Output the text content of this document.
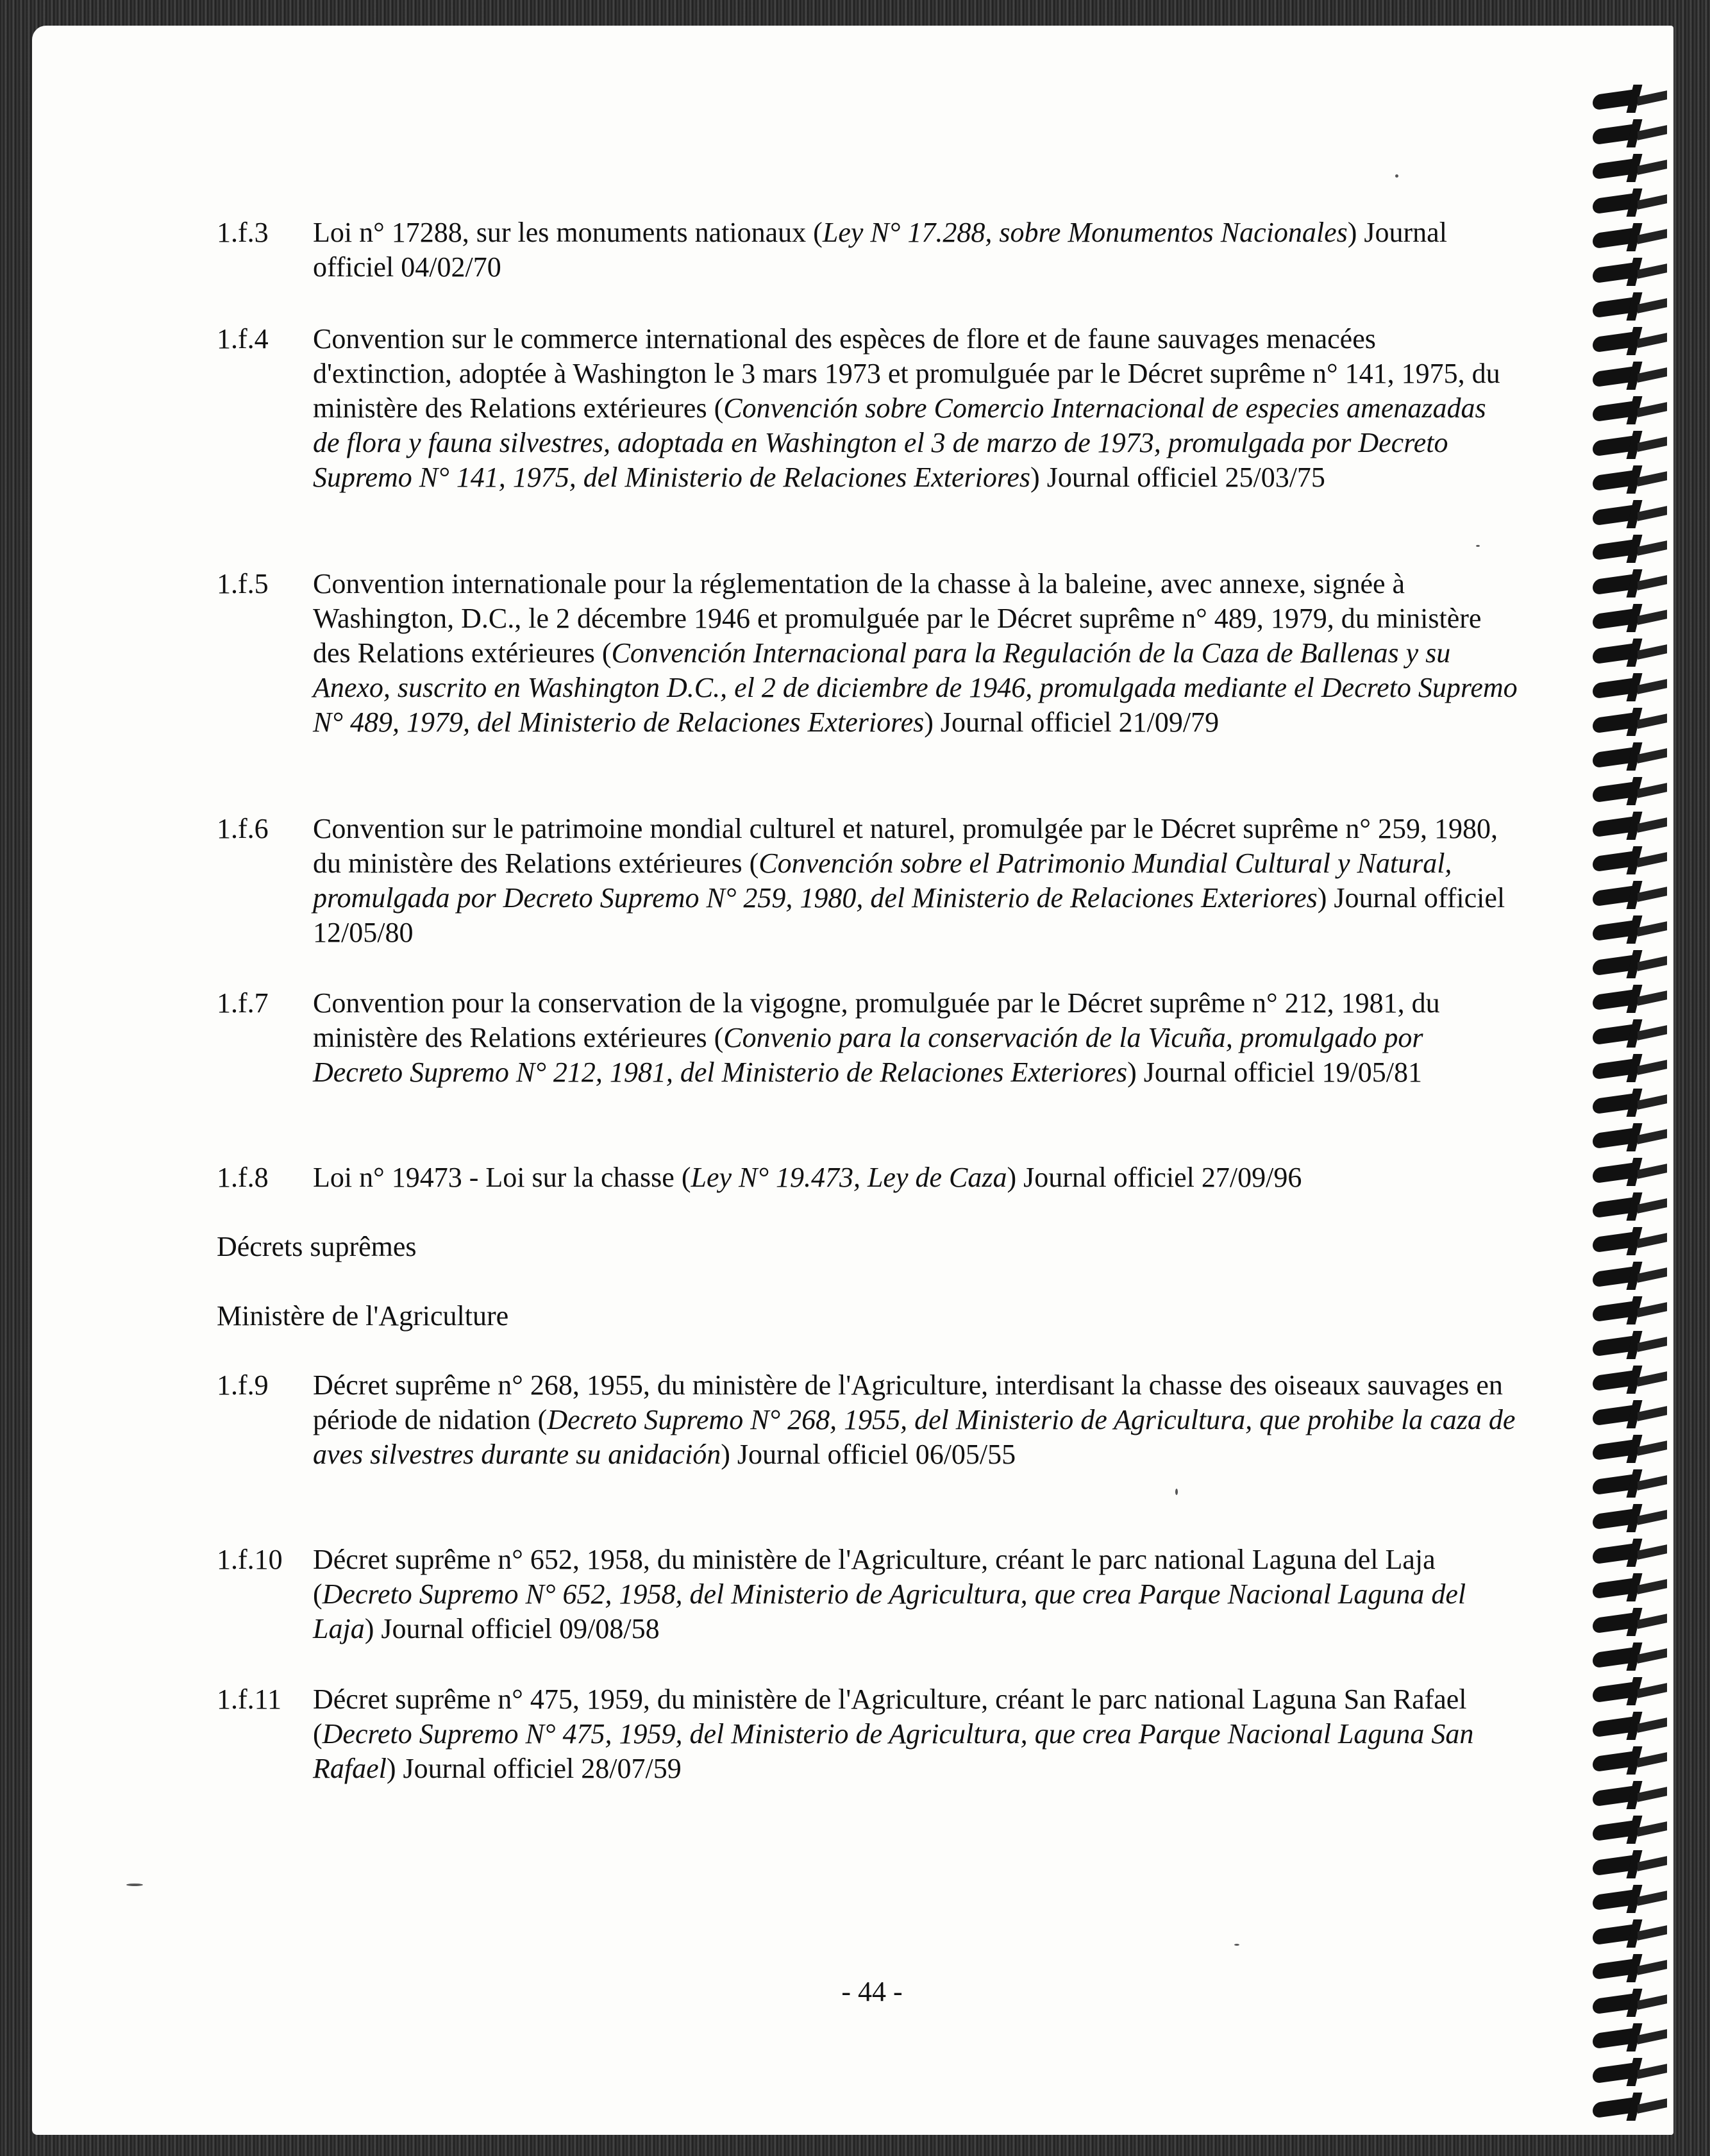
1.f.3	Loi n° 17288, sur les monuments nationaux (Ley N° 17.288, sobre Monumentos Nacionales) Journal officiel 04/02/70
1.f.4	Convention sur le commerce international des espèces de flore et de faune sauvages menacées d'extinction, adoptée à Washington le 3 mars 1973 et promulguée par le Décret suprême n° 141, 1975, du ministère des Relations extérieures (Convención sobre Comercio Internacional de especies amenazadas de flora y fauna silvestres, adoptada en Washington el 3 de marzo de 1973, promulgada por Decreto Supremo N° 141, 1975, del Ministerio de Relaciones Exteriores) Journal officiel 25/03/75
1.f.5	Convention internationale pour la réglementation de la chasse à la baleine, avec annexe, signée à Washington, D.C., le 2 décembre 1946 et promulguée par le Décret suprême n° 489, 1979, du ministère des Relations extérieures (Convención Internacional para la Regulación de la Caza de Ballenas y su Anexo, suscrito en Washington D.C., el 2 de diciembre de 1946, promulgada mediante el Decreto Supremo N° 489, 1979, del Ministerio de Relaciones Exteriores) Journal officiel 21/09/79
1.f.6	Convention sur le patrimoine mondial culturel et naturel, promulgée par le Décret suprême n° 259, 1980, du ministère des Relations extérieures (Convención sobre el Patrimonio Mundial Cultural y Natural, promulgada por Decreto Supremo N° 259, 1980, del Ministerio de Relaciones Exteriores) Journal officiel 12/05/80
1.f.7	Convention pour la conservation de la vigogne, promulguée par le Décret suprême n° 212, 1981, du ministère des Relations extérieures (Convenio para la conservación de la Vicuña, promulgado por Decreto Supremo N° 212, 1981, del Ministerio de Relaciones Exteriores) Journal officiel 19/05/81
1.f.8	Loi n° 19473 - Loi sur la chasse (Ley N° 19.473, Ley de Caza) Journal officiel 27/09/96
Décrets suprêmes
Ministère de l'Agriculture
1.f.9	Décret suprême n° 268, 1955, du ministère de l'Agriculture, interdisant la chasse des oiseaux sauvages en période de nidation (Decreto Supremo N° 268, 1955, del Ministerio de Agricultura, que prohibe la caza de aves silvestres durante su anidación) Journal officiel 06/05/55
1.f.10	Décret suprême n° 652, 1958, du ministère de l'Agriculture, créant le parc national Laguna del Laja (Decreto Supremo N° 652, 1958, del Ministerio de Agricultura, que crea Parque Nacional Laguna del Laja) Journal officiel 09/08/58
1.f.11	Décret suprême n° 475, 1959, du ministère de l'Agriculture, créant le parc national Laguna San Rafael (Decreto Supremo N° 475, 1959, del Ministerio de Agricultura, que crea Parque Nacional Laguna San Rafael) Journal officiel 28/07/59
- 44 -
